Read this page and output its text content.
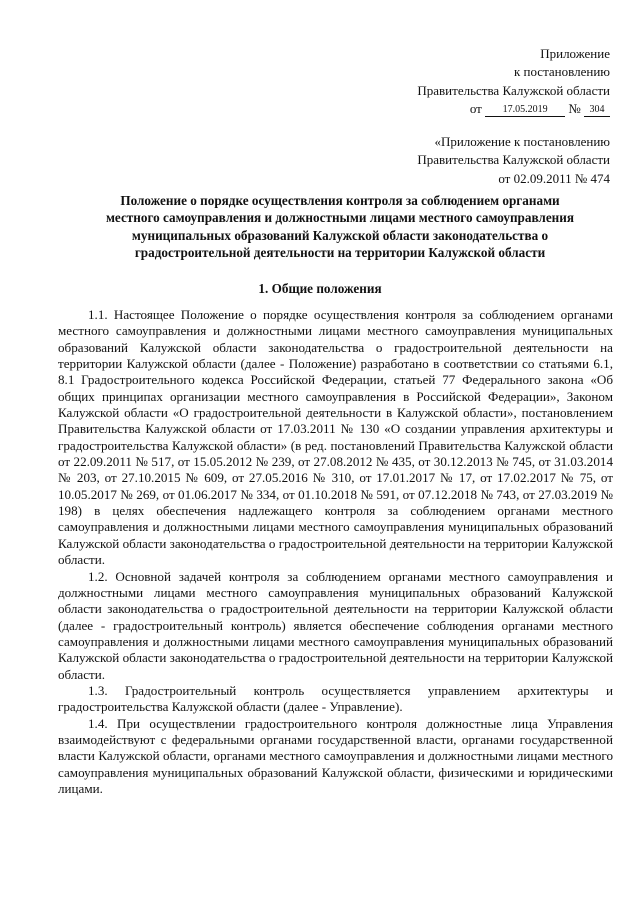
Приложение
к постановлению
Правительства Калужской области
от 17.05.2019 № 304
«Приложение к постановлению
Правительства Калужской области
от 02.09.2011 № 474
Положение о порядке осуществления контроля за соблюдением органами
местного самоуправления и должностными лицами местного самоуправления
муниципальных образований Калужской области законодательства о
градостроительной деятельности на территории Калужской области
1. Общие положения

1.1. Настоящее Положение о порядке осуществления контроля за соблюдением органами местного самоуправления и должностными лицами местного самоуправления муниципальных образований Калужской области законодательства о градостроительной деятельности на территории Калужской области (далее - Положение) разработано в соответствии со статьями 6.1, 8.1 Градостроительного кодекса Российской Федерации, статьей 77 Федерального закона «Об общих принципах организации местного самоуправления в Российской Федерации», Законом Калужской области «О градостроительной деятельности в Калужской области», постановлением Правительства Калужской области от 17.03.2011 № 130 «О создании управления архитектуры и градостроительства Калужской области» (в ред. постановлений Правительства Калужской области от 22.09.2011 № 517, от 15.05.2012 № 239, от 27.08.2012 № 435, от 30.12.2013 № 745, от 31.03.2014 № 203, от 27.10.2015 № 609, от 27.05.2016 № 310, от 17.01.2017 № 17, от 17.02.2017 № 75, от 10.05.2017 № 269, от 01.06.2017 № 334, от 01.10.2018 № 591, от 07.12.2018 № 743, от 27.03.2019 № 198) в целях обеспечения надлежащего контроля за соблюдением органами местного самоуправления и должностными лицами местного самоуправления муниципальных образований Калужской области законодательства о градостроительной деятельности на территории Калужской области.

1.2. Основной задачей контроля за соблюдением органами местного самоуправления и должностными лицами местного самоуправления муниципальных образований Калужской области законодательства о градостроительной деятельности на территории Калужской области (далее - градостроительный контроль) является обеспечение соблюдения органами местного самоуправления и должностными лицами местного самоуправления муниципальных образований Калужской области законодательства о градостроительной деятельности на территории Калужской области.

1.3. Градостроительный контроль осуществляется управлением архитектуры и градостроительства Калужской области (далее - Управление).

1.4. При осуществлении градостроительного контроля должностные лица Управления взаимодействуют с федеральными органами государственной власти, органами государственной власти Калужской области, органами местного самоуправления и должностными лицами местного самоуправления муниципальных образований Калужской области, физическими и юридическими лицами.
